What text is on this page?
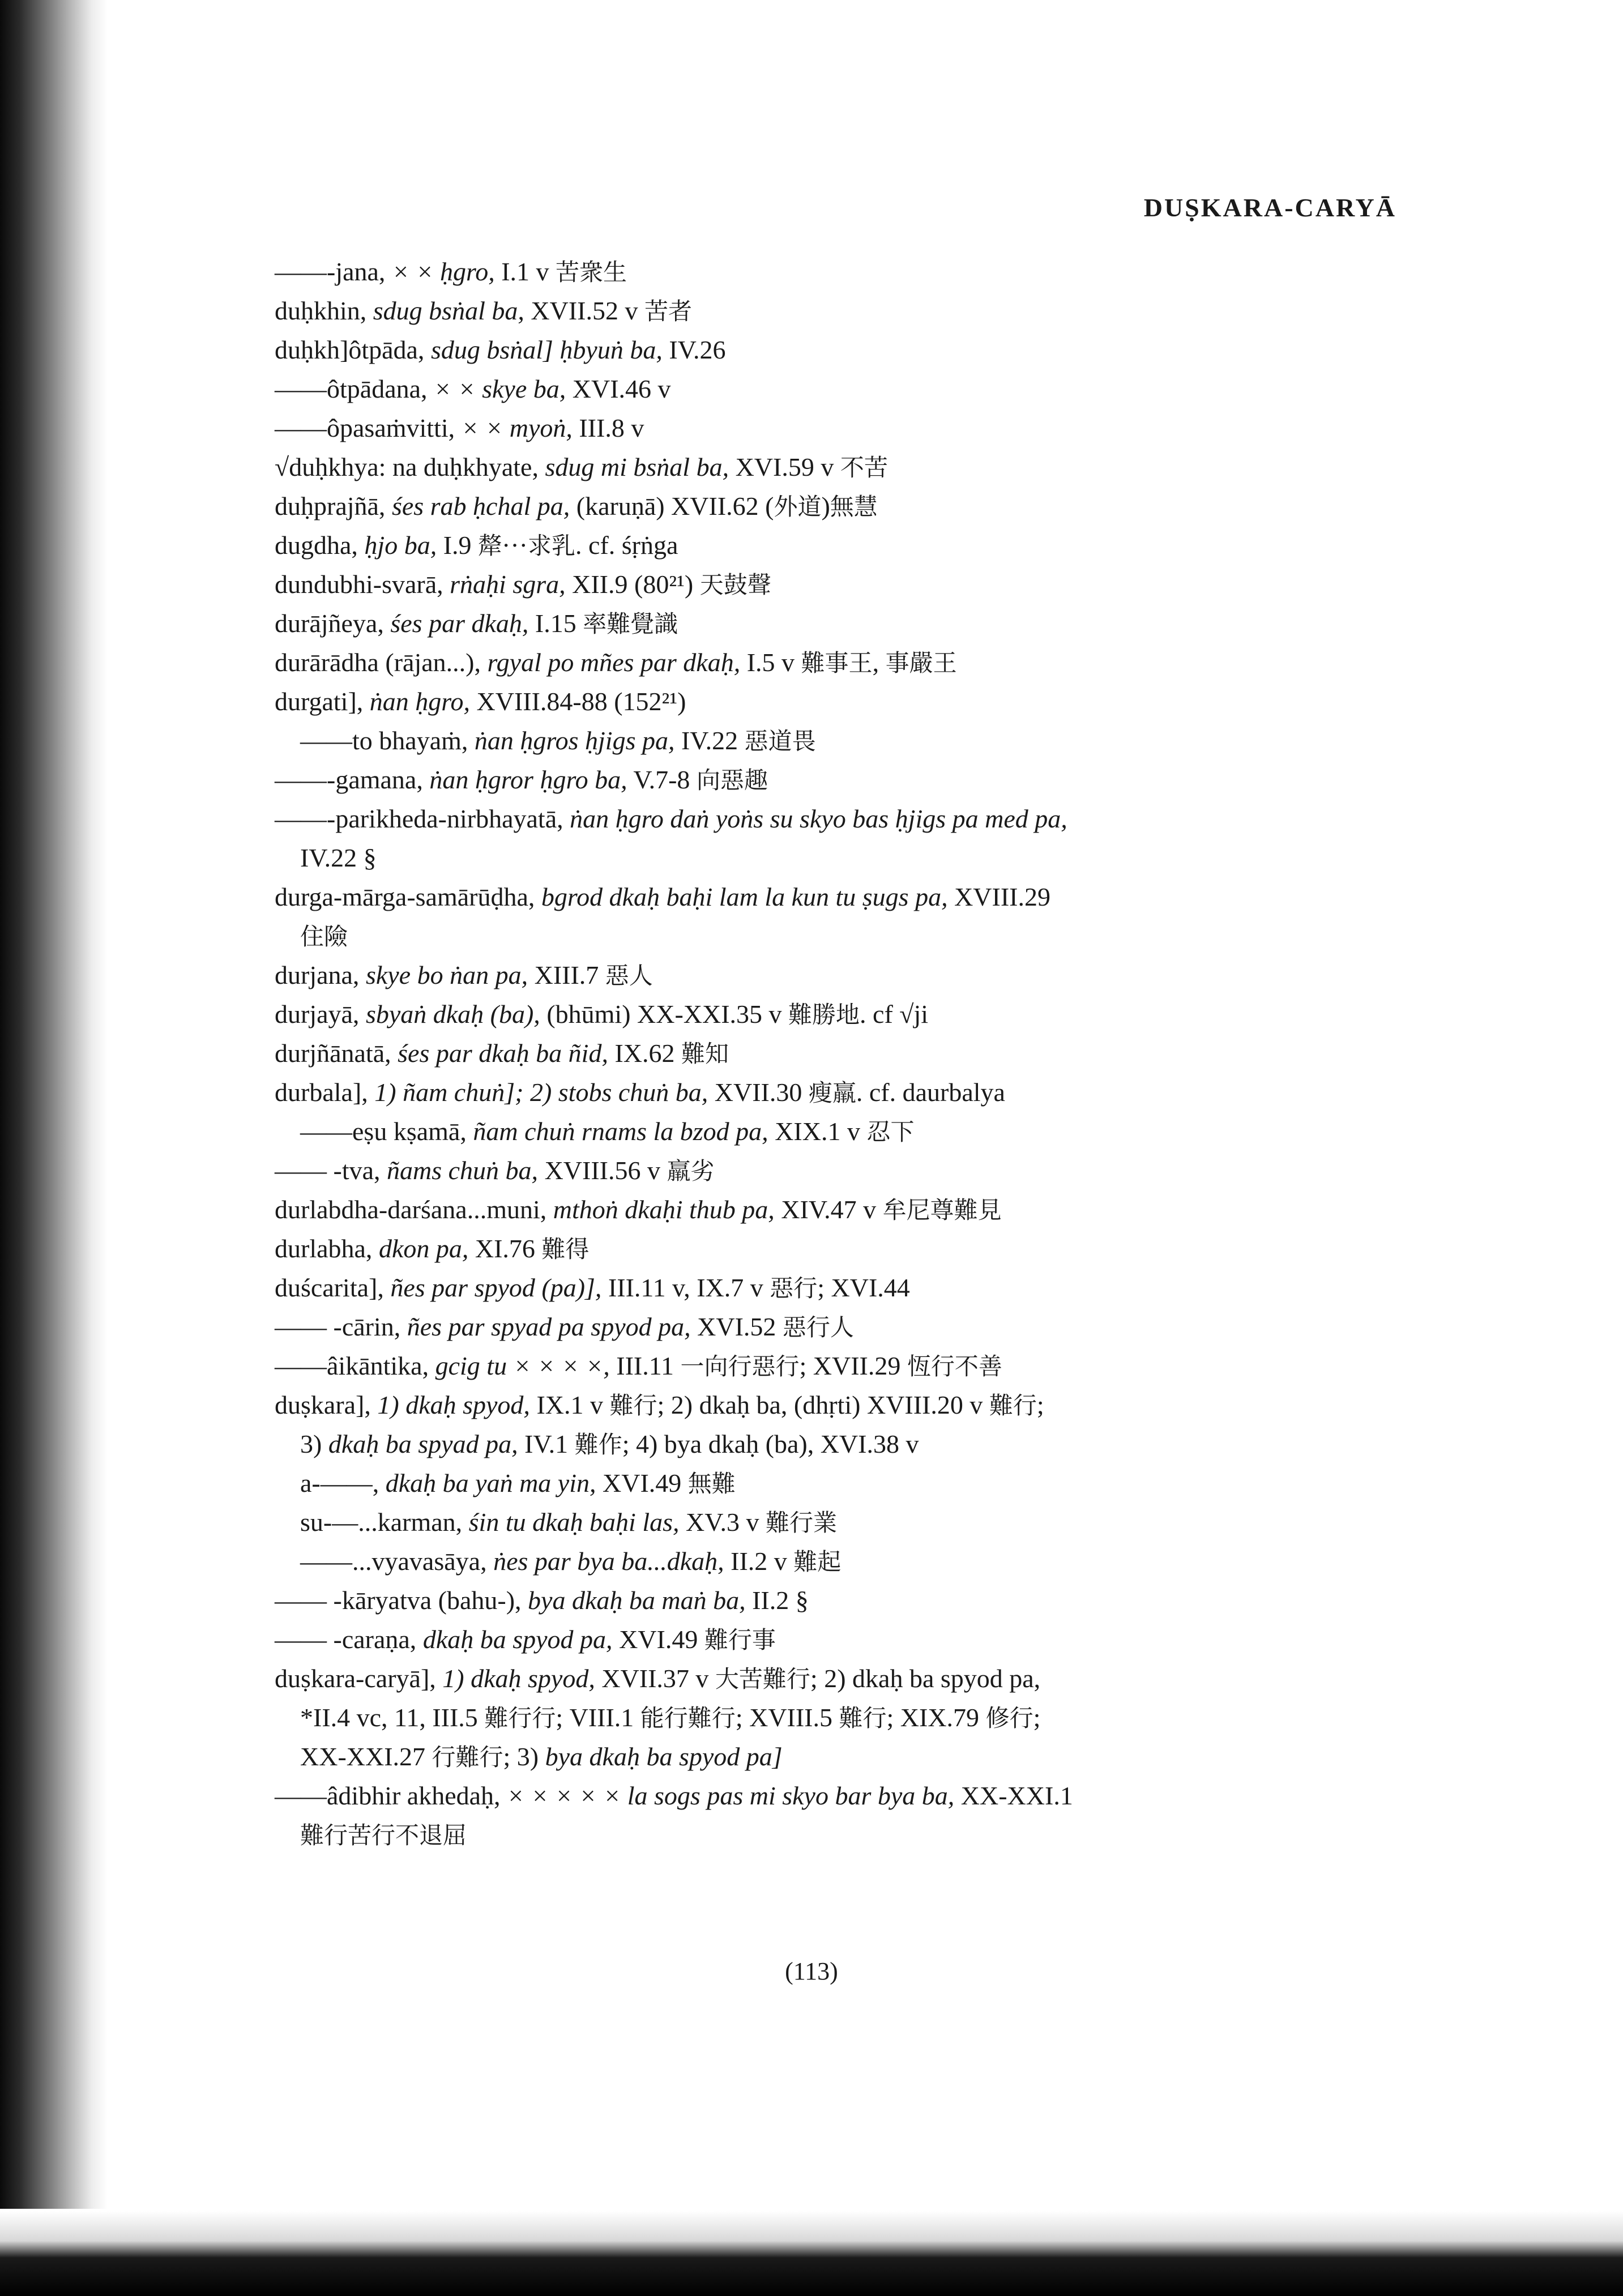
DUṢKARA-CARYĀ
——-jana, × × ḥgro, I.1 v 苦衆生
duḥkhin, sdug bsṅal ba, XVII.52 v 苦者
duḥkh]ôtpāda, sdug bsṅal] ḥbyuṅ ba, IV.26
——ôtpādana, × × skye ba, XVI.46 v
——ôpasaṁvitti, × × myoṅ, III.8 v
√duḥkhya: na duḥkhyate, sdug mi bsṅal ba, XVI.59 v 不苦
duḥprajñā, śes rab ḥchal pa, (karuṇā) XVII.62 (外道)無慧
dugdha, ḥjo ba, I.9 犛···求乳. cf. śṛṅga
dundubhi-svarā, rṅaḥi sgra, XII.9 (80²¹) 天鼓聲
durājñeya, śes par dkaḥ, I.15 率難覺識
durārādha (rājan...), rgyal po mñes par dkaḥ, I.5 v 難事王, 事嚴王
durgati], ṅan ḥgro, XVIII.84-88 (152²¹)
——to bhayaṁ, ṅan ḥgros ḥjigs pa, IV.22 惡道畏
——-gamana, ṅan ḥgror ḥgro ba, V.7-8 向惡趣
——-parikheda-nirbhayatā, ṅan ḥgro daṅ yoṅs su skyo bas ḥjigs pa med pa,
IV.22 §
durga-mārga-samārūḍha, bgrod dkaḥ baḥi lam la kun tu ṣugs pa, XVIII.29
住險
durjana, skye bo ṅan pa, XIII.7 惡人
durjayā, sbyaṅ dkaḥ (ba), (bhūmi) XX-XXI.35 v 難勝地. cf √ji
durjñānatā, śes par dkaḥ ba ñid, IX.62 難知
durbala], 1) ñam chuṅ]; 2) stobs chuṅ ba, XVII.30 瘦羸. cf. daurbalya
——eṣu kṣamā, ñam chuṅ rnams la bzod pa, XIX.1 v 忍下
—— -tva, ñams chuṅ ba, XVIII.56 v 羸劣
durlabdha-darśana...muni, mthoṅ dkaḥi thub pa, XIV.47 v 牟尼尊難見
durlabha, dkon pa, XI.76 難得
duścarita], ñes par spyod (pa)], III.11 v, IX.7 v 惡行; XVI.44
—— -cārin, ñes par spyad pa spyod pa, XVI.52 惡行人
——âikāntika, gcig tu × × × ×, III.11 一向行惡行; XVII.29 恆行不善
duṣkara], 1) dkaḥ spyod, IX.1 v 難行; 2) dkaḥ ba, (dhṛti) XVIII.20 v 難行;
3) dkaḥ ba spyad pa, IV.1 難作; 4) bya dkaḥ (ba), XVI.38 v
a-——, dkaḥ ba yaṅ ma yin, XVI.49 無難
su-—...karman, śin tu dkaḥ baḥi las, XV.3 v 難行業
——...vyavasāya, ṅes par bya ba...dkaḥ, II.2 v 難起
—— -kāryatva (bahu-), bya dkaḥ ba maṅ ba, II.2 §
—— -caraṇa, dkaḥ ba spyod pa, XVI.49 難行事
duṣkara-caryā], 1) dkaḥ spyod, XVII.37 v 大苦難行; 2) dkaḥ ba spyod pa,
*II.4 vc, 11, III.5 難行行; VIII.1 能行難行; XVIII.5 難行; XIX.79 修行;
XX-XXI.27 行難行; 3) bya dkaḥ ba spyod pa]
——âdibhir akhedaḥ, × × × × × la sogs pas mi skyo bar bya ba, XX-XXI.1
難行苦行不退屈
(113)
